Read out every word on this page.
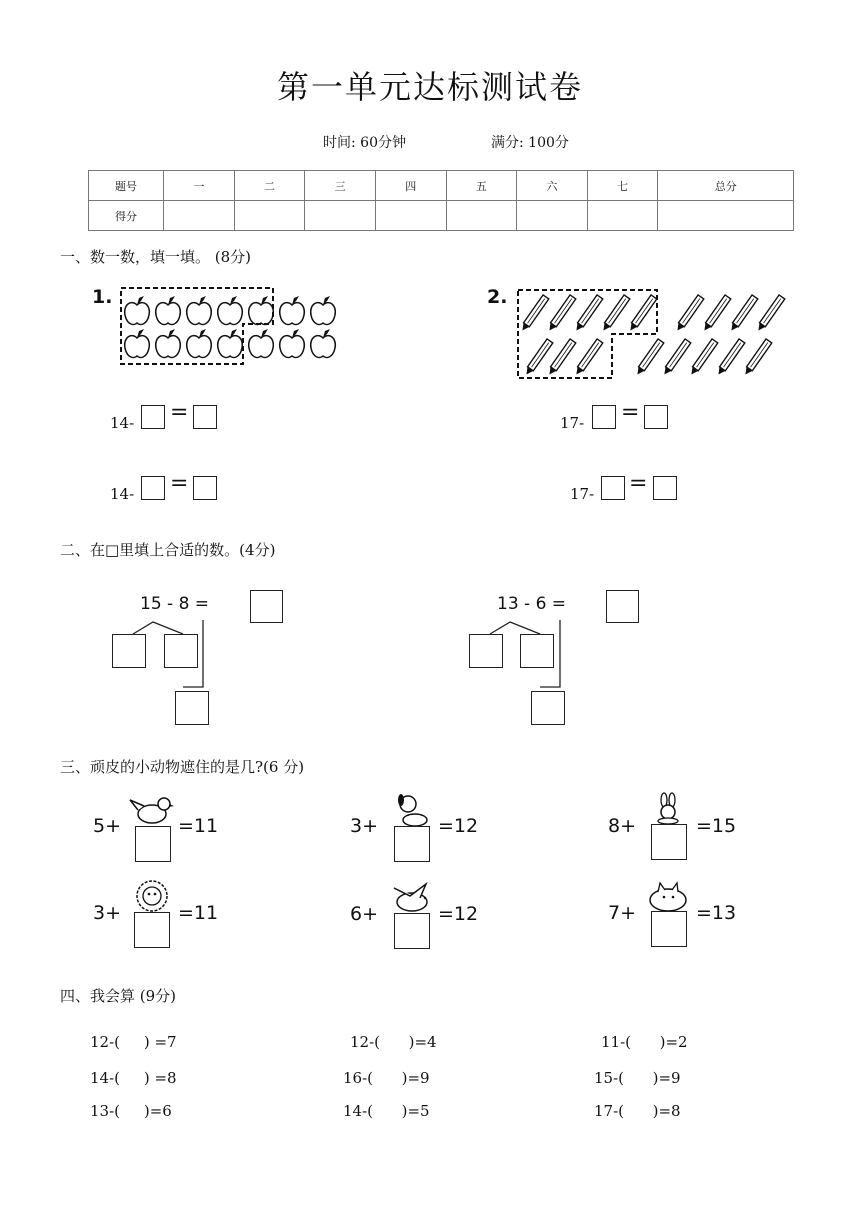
第一单元达标测试卷
时间: 60分钟	满分: 100分
题号	一	二	三	四	五	六	七	总分
得分								
一、数一数，填一填。 (8分)
1.	2.
14- =
14- =
17- =
17- =
二、在□里填上合适的数。(4分)
15 - 8 =	13 - 6 =
三、顽皮的小动物遮住的是几?(6 分)
5+	=11	3+	=12	8+	=15
3+	=11	6+	=12	7+	=13
四、我会算 (9分)
12-(     ) =7	12-(      )=4	11-(      )=2
14-(     ) =8	16-(      )=9	15-(      )=9
13-(     )=6	14-(      )=5	17-(      )=8
